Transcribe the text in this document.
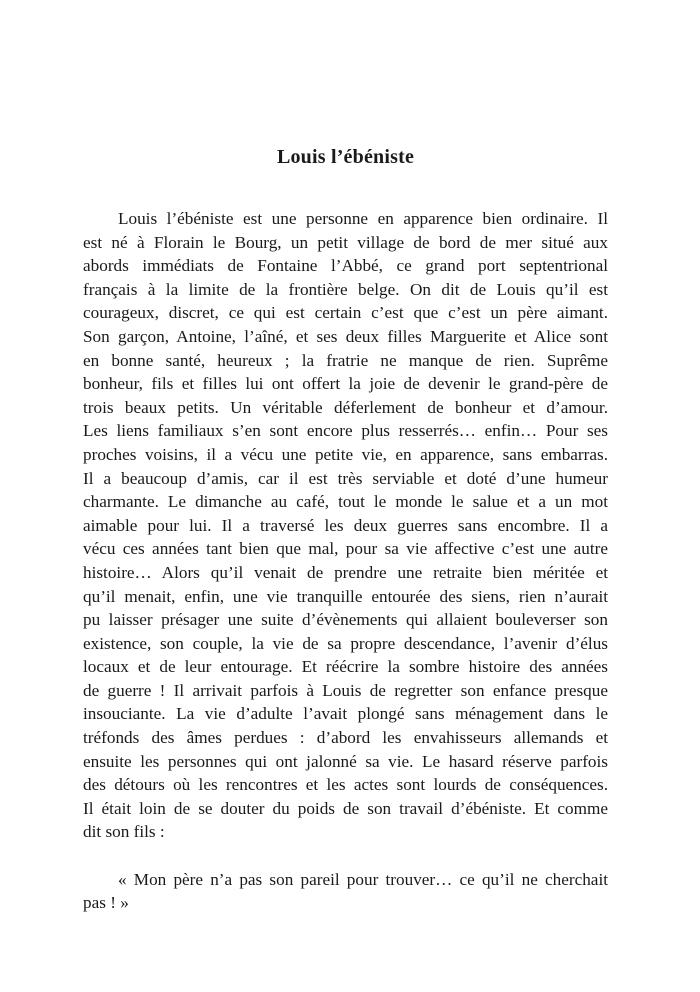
Louis l’ébéniste
Louis l’ébéniste est une personne en apparence bien ordinaire. Il
est né à Florain le Bourg, un petit village de bord de mer situé aux
abords immédiats de Fontaine l’Abbé, ce grand port septentrional
français à la limite de la frontière belge. On dit de Louis qu’il est
courageux, discret, ce qui est certain c’est que c’est un père aimant.
Son garçon, Antoine, l’aîné, et ses deux filles Marguerite et Alice sont
en bonne santé, heureux ; la fratrie ne manque de rien. Suprême
bonheur, fils et filles lui ont offert la joie de devenir le grand-père de
trois beaux petits. Un véritable déferlement de bonheur et d’amour.
Les liens familiaux s’en sont encore plus resserrés… enfin… Pour ses
proches voisins, il a vécu une petite vie, en apparence, sans embarras.
Il a beaucoup d’amis, car il est très serviable et doté d’une humeur
charmante. Le dimanche au café, tout le monde le salue et a un mot
aimable pour lui. Il a traversé les deux guerres sans encombre. Il a
vécu ces années tant bien que mal, pour sa vie affective c’est une autre
histoire… Alors qu’il venait de prendre une retraite bien méritée et
qu’il menait, enfin, une vie tranquille entourée des siens, rien n’aurait
pu laisser présager une suite d’évènements qui allaient bouleverser son
existence, son couple, la vie de sa propre descendance, l’avenir d’élus
locaux et de leur entourage. Et réécrire la sombre histoire des années
de guerre ! Il arrivait parfois à Louis de regretter son enfance presque
insouciante. La vie d’adulte l’avait plongé sans ménagement dans le
tréfonds des âmes perdues : d’abord les envahisseurs allemands et
ensuite les personnes qui ont jalonné sa vie. Le hasard réserve parfois
des détours où les rencontres et les actes sont lourds de conséquences.
Il était loin de se douter du poids de son travail d’ébéniste. Et comme
dit son fils :
« Mon père n’a pas son pareil pour trouver… ce qu’il ne cherchait
pas ! »
